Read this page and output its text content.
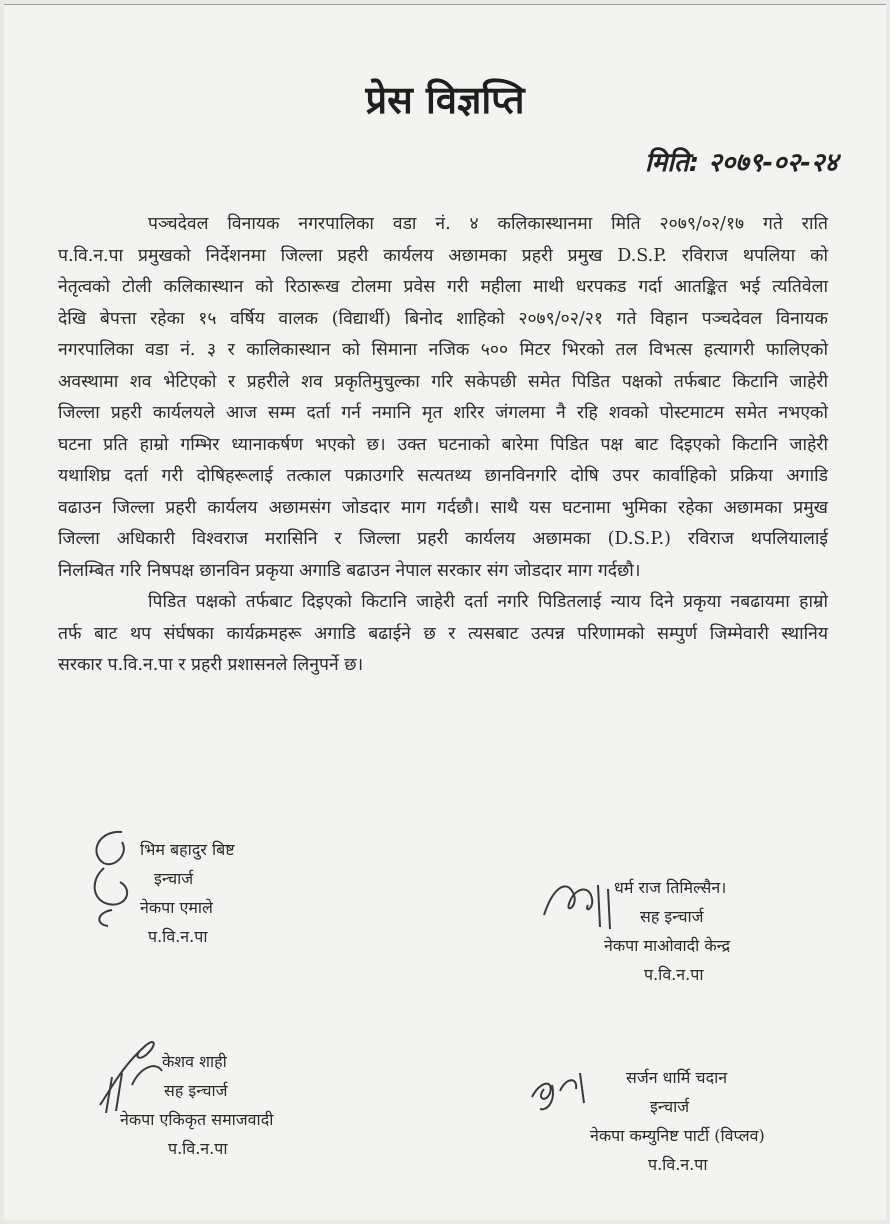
प्रेस विज्ञप्ति
मिति: २०७९-०२-२४
पञ्चदेवल विनायक नगरपालिका वडा नं. ४ कलिकास्थानमा मिति २०७९/०२/१७ गते राति
प.वि.न.पा प्रमुखको निर्देशनमा जिल्ला प्रहरी कार्यलय अछामका प्रहरी प्रमुख D.S.P. रविराज थपलिया को
नेतृत्वको टोली कलिकास्थान को रिठारूख टोलमा प्रवेस गरी महीला माथी धरपकड गर्दा आतङ्कित भई त्यतिवेला
देखि बेपत्ता रहेका १५ वर्षिय वालक (विद्यार्थी) बिनोद शाहिको २०७९/०२/२१ गते विहान पञ्चदेवल विनायक
नगरपालिका वडा नं. ३ र कालिकास्थान को सिमाना नजिक ५०० मिटर भिरको तल विभत्स हत्यागरी फालिएको
अवस्थामा शव भेटिएको र प्रहरीले शव प्रकृतिमुचुल्का गरि सकेपछी समेत पिडित पक्षको तर्फबाट किटानि जाहेरी
जिल्ला प्रहरी कार्यलयले आज सम्म दर्ता गर्न नमानि मृत शरिर जंगलमा नै रहि शवको पोस्टमाटम समेत नभएको
घटना प्रति हाम्रो गम्भिर ध्यानाकर्षण भएको छ। उक्त घटनाको बारेमा पिडित पक्ष बाट दिइएको किटानि जाहेरी
यथाशिघ्र दर्ता गरी दोषिहरूलाई तत्काल पक्राउगरि सत्यतथ्य छानविनगरि दोषि उपर कार्वाहिको प्रक्रिया अगाडि
वढाउन जिल्ला प्रहरी कार्यलय अछामसंग जोडदार माग गर्दछौ। साथै यस घटनामा भुमिका रहेका अछामका प्रमुख
जिल्ला अधिकारी विश्वराज मरासिनि र जिल्ला प्रहरी कार्यलय अछामका (D.S.P.) रविराज थपलियालाई
निलम्बित गरि निषपक्ष छानविन प्रकृया अगाडि बढाउन नेपाल सरकार संग जोडदार माग गर्दछौ।
पिडित पक्षको तर्फबाट दिइएको किटानि जाहेरी दर्ता नगरि पिडितलाई न्याय दिने प्रकृया नबढायमा हाम्रो
तर्फ बाट थप संर्घषका कार्यक्रमहरू अगाडि बढाईने छ र त्यसबाट उत्पन्न परिणामको सम्पुर्ण जिम्मेवारी स्थानिय
सरकार प.वि.न.पा र प्रहरी प्रशासनले लिनुपर्ने छ।
भिम बहादुर बिष्ट
इन्चार्ज
नेकपा एमाले
प.वि.न.पा
धर्म राज तिमिल्सैन।
सह इन्चार्ज
नेकपा माओवादी केन्द्र
प.वि.न.पा
केशव शाही
सह इन्चार्ज
नेकपा एकिकृत समाजवादी
प.वि.न.पा
सर्जन धार्मि चदान
इन्चार्ज
नेकपा कम्युनिष्ट पार्टी (विप्लव)
प.वि.न.पा
